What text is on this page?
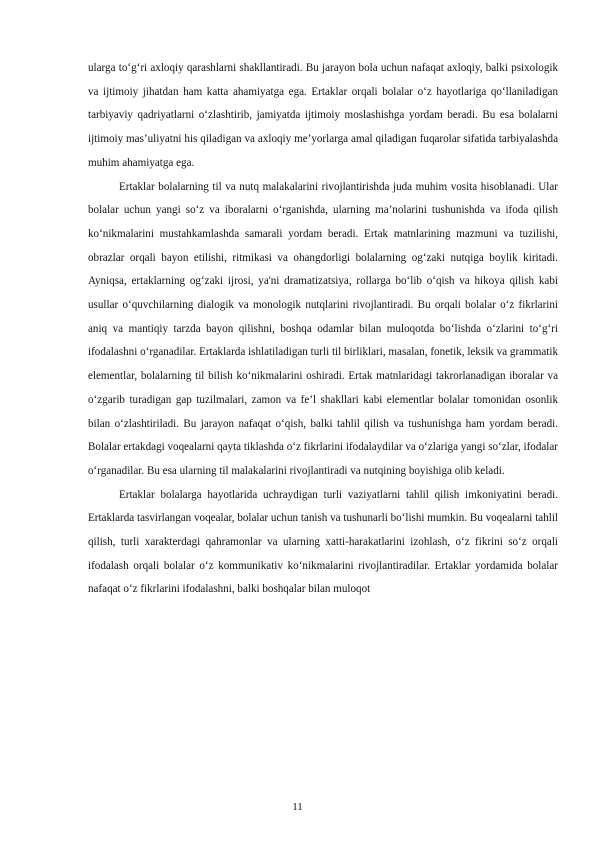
ularga to‘g‘ri axloqiy qarashlarni shakllantiradi. Bu jarayon bola uchun nafaqat axloqiy, balki psixologik va ijtimoiy jihatdan ham katta ahamiyatga ega. Ertaklar orqali bolalar o‘z hayotlariga qo‘llaniladigan tarbiyaviy qadriyatlarni o‘zlashtirib, jamiyatda ijtimoiy moslashishga yordam beradi. Bu esa bolalarni ijtimoiy mas’uliyatni his qiladigan va axloqiy me’yorlarga amal qiladigan fuqarolar sifatida tarbiyalashda muhim ahamiyatga ega.

Ertaklar bolalarning til va nutq malakalarini rivojlantirishda juda muhim vosita hisoblanadi. Ular bolalar uchun yangi so‘z va iboralarni o‘rganishda, ularning ma’nolarini tushunishda va ifoda qilish ko‘nikmalarini mustahkamlashda samarali yordam beradi. Ertak matnlarining mazmuni va tuzilishi, obrazlar orqali bayon etilishi, ritmikasi va ohangdorligi bolalarning og‘zaki nutqiga boylik kiritadi. Ayniqsa, ertaklarning og‘zaki ijrosi, ya'ni dramatizatsiya, rollarga bo‘lib o‘qish va hikoya qilish kabi usullar o‘quvchilarning dialogik va monologik nutqlarini rivojlantiradi. Bu orqali bolalar o‘z fikrlarini aniq va mantiqiy tarzda bayon qilishni, boshqa odamlar bilan muloqotda bo‘lishda o‘zlarini to‘g‘ri ifodalashni o‘rganadilar. Ertaklarda ishlatiladigan turli til birliklari, masalan, fonetik, leksik va grammatik elementlar, bolalarning til bilish ko‘nikmalarini oshiradi. Ertak matnlaridagi takrorlanadigan iboralar va o‘zgarib turadigan gap tuzilmalari, zamon va fe’l shakllari kabi elementlar bolalar tomonidan osonlik bilan o‘zlashtiriladi. Bu jarayon nafaqat o‘qish, balki tahlil qilish va tushunishga ham yordam beradi. Bolalar ertakdagi voqealarni qayta tiklashda o‘z fikrlarini ifodalaydilar va o‘zlariga yangi so‘zlar, ifodalar o‘rganadilar. Bu esa ularning til malakalarini rivojlantiradi va nutqining boyishiga olib keladi.

Ertaklar bolalarga hayotlarida uchraydigan turli vaziyatlarni tahlil qilish imkoniyatini beradi. Ertaklarda tasvirlangan voqealar, bolalar uchun tanish va tushunarli bo‘lishi mumkin. Bu voqealarni tahlil qilish, turli xarakterdagi qahramonlar va ularning xatti-harakatlarini izohlash, o‘z fikrini so‘z orqali ifodalash orqali bolalar o‘z kommunikativ ko‘nikmalarini rivojlantiradilar. Ertaklar yordamida bolalar nafaqat o‘z fikrlarini ifodalashni, balki boshqalar bilan muloqot

11
